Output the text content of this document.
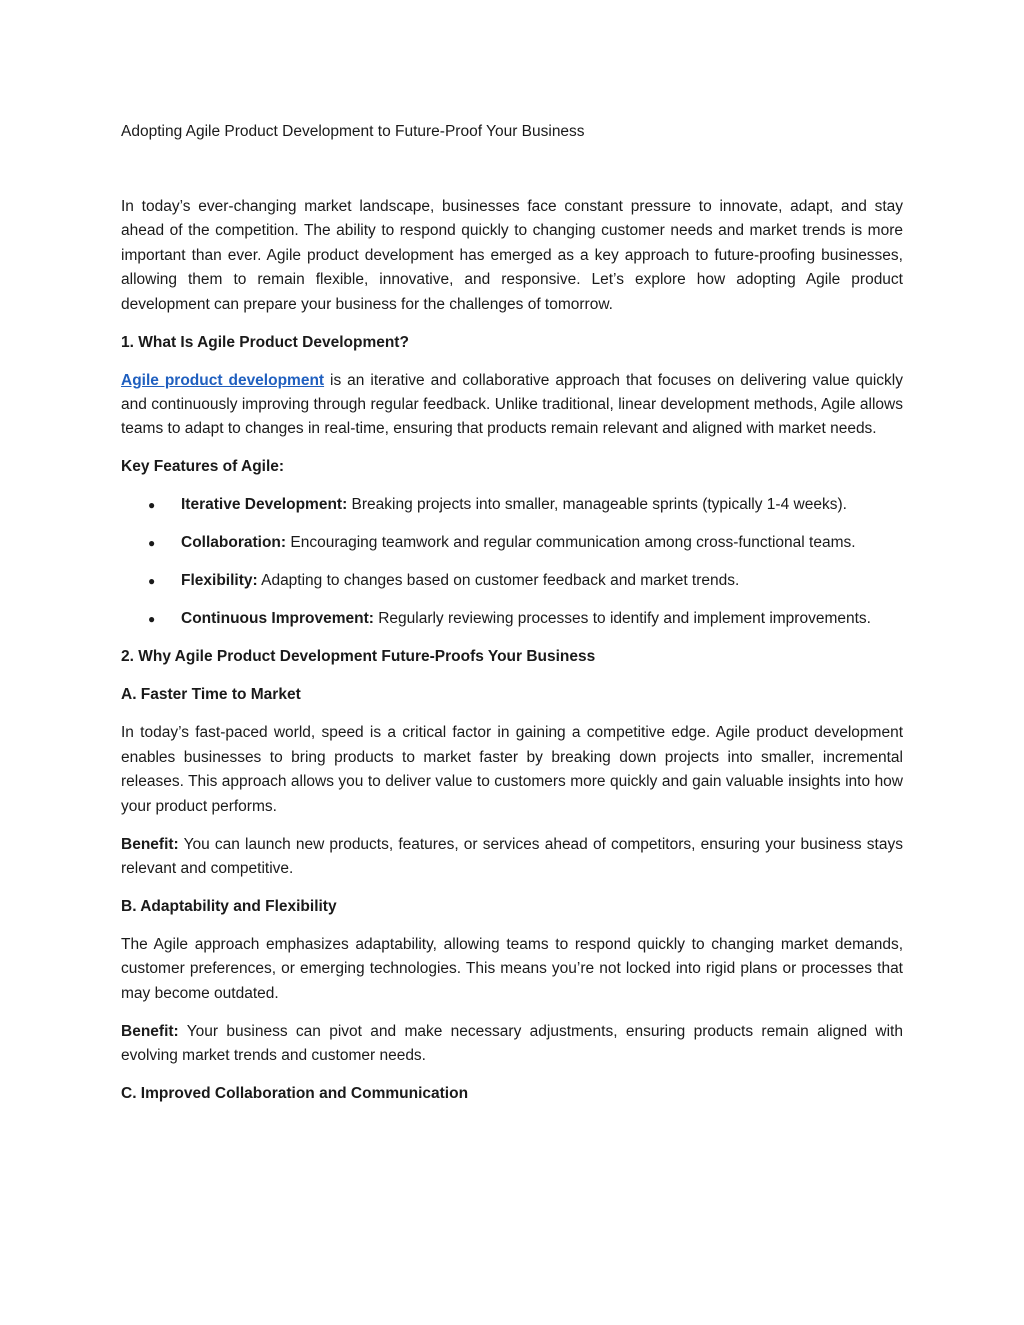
Adopting Agile Product Development to Future-Proof Your Business

In today’s ever-changing market landscape, businesses face constant pressure to innovate, adapt, and stay ahead of the competition. The ability to respond quickly to changing customer needs and market trends is more important than ever. Agile product development has emerged as a key approach to future-proofing businesses, allowing them to remain flexible, innovative, and responsive. Let’s explore how adopting Agile product development can prepare your business for the challenges of tomorrow.

1. What Is Agile Product Development?

Agile product development is an iterative and collaborative approach that focuses on delivering value quickly and continuously improving through regular feedback. Unlike traditional, linear development methods, Agile allows teams to adapt to changes in real-time, ensuring that products remain relevant and aligned with market needs.

Key Features of Agile:
● Iterative Development: Breaking projects into smaller, manageable sprints (typically 1-4 weeks).
● Collaboration: Encouraging teamwork and regular communication among cross-functional teams.
● Flexibility: Adapting to changes based on customer feedback and market trends.
● Continuous Improvement: Regularly reviewing processes to identify and implement improvements.
2. Why Agile Product Development Future-Proofs Your Business
A. Faster Time to Market

In today’s fast-paced world, speed is a critical factor in gaining a competitive edge. Agile product development enables businesses to bring products to market faster by breaking down projects into smaller, incremental releases. This approach allows you to deliver value to customers more quickly and gain valuable insights into how your product performs.

Benefit: You can launch new products, features, or services ahead of competitors, ensuring your business stays relevant and competitive.

B. Adaptability and Flexibility

The Agile approach emphasizes adaptability, allowing teams to respond quickly to changing market demands, customer preferences, or emerging technologies. This means you’re not locked into rigid plans or processes that may become outdated.

Benefit: Your business can pivot and make necessary adjustments, ensuring products remain aligned with evolving market trends and customer needs.

C. Improved Collaboration and Communication
